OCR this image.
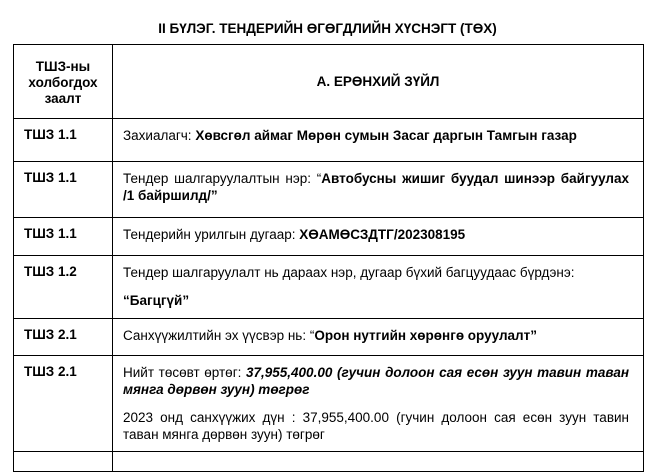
II БҮЛЭГ. ТЕНДЕРИЙН ӨГӨГДЛИЙН ХҮСНЭГТ (ТӨХ)
ТШЗ-ны холбогдох заалт	А. ЕРӨНХИЙ ЗҮЙЛ
ТШЗ 1.1	Захиалагч: Хөвсгөл аймаг Мөрөн сумын Засаг даргын Тамгын газар

ТШЗ 1.1	Тендер шалгаруулалтын нэр: “Автобусны жишиг буудал шинээр байгуулах /1 байршилд/”

ТШЗ 1.1	Тендерийн урилгын дугаар: ХӨАМӨСЗДТГ/202308195

ТШЗ 1.2	Тендер шалгаруулалт нь дараах нэр, дугаар бүхий багцуудаас бүрдэнэ:

“Багцгүй”

ТШЗ 2.1	Санхүүжилтийн эх үүсвэр нь: “Орон нутгийн хөрөнгө оруулалт”

ТШЗ 2.1	Нийт төсөвт өртөг: 37,955,400.00 (гучин долоон сая есөн зуун тавин таван мянга дөрвөн зуун) төгрөг

2023 онд санхүүжих дүн : 37,955,400.00 (гучин долоон сая есөн зуун тавин таван мянга дөрвөн зуун) төгрөг
